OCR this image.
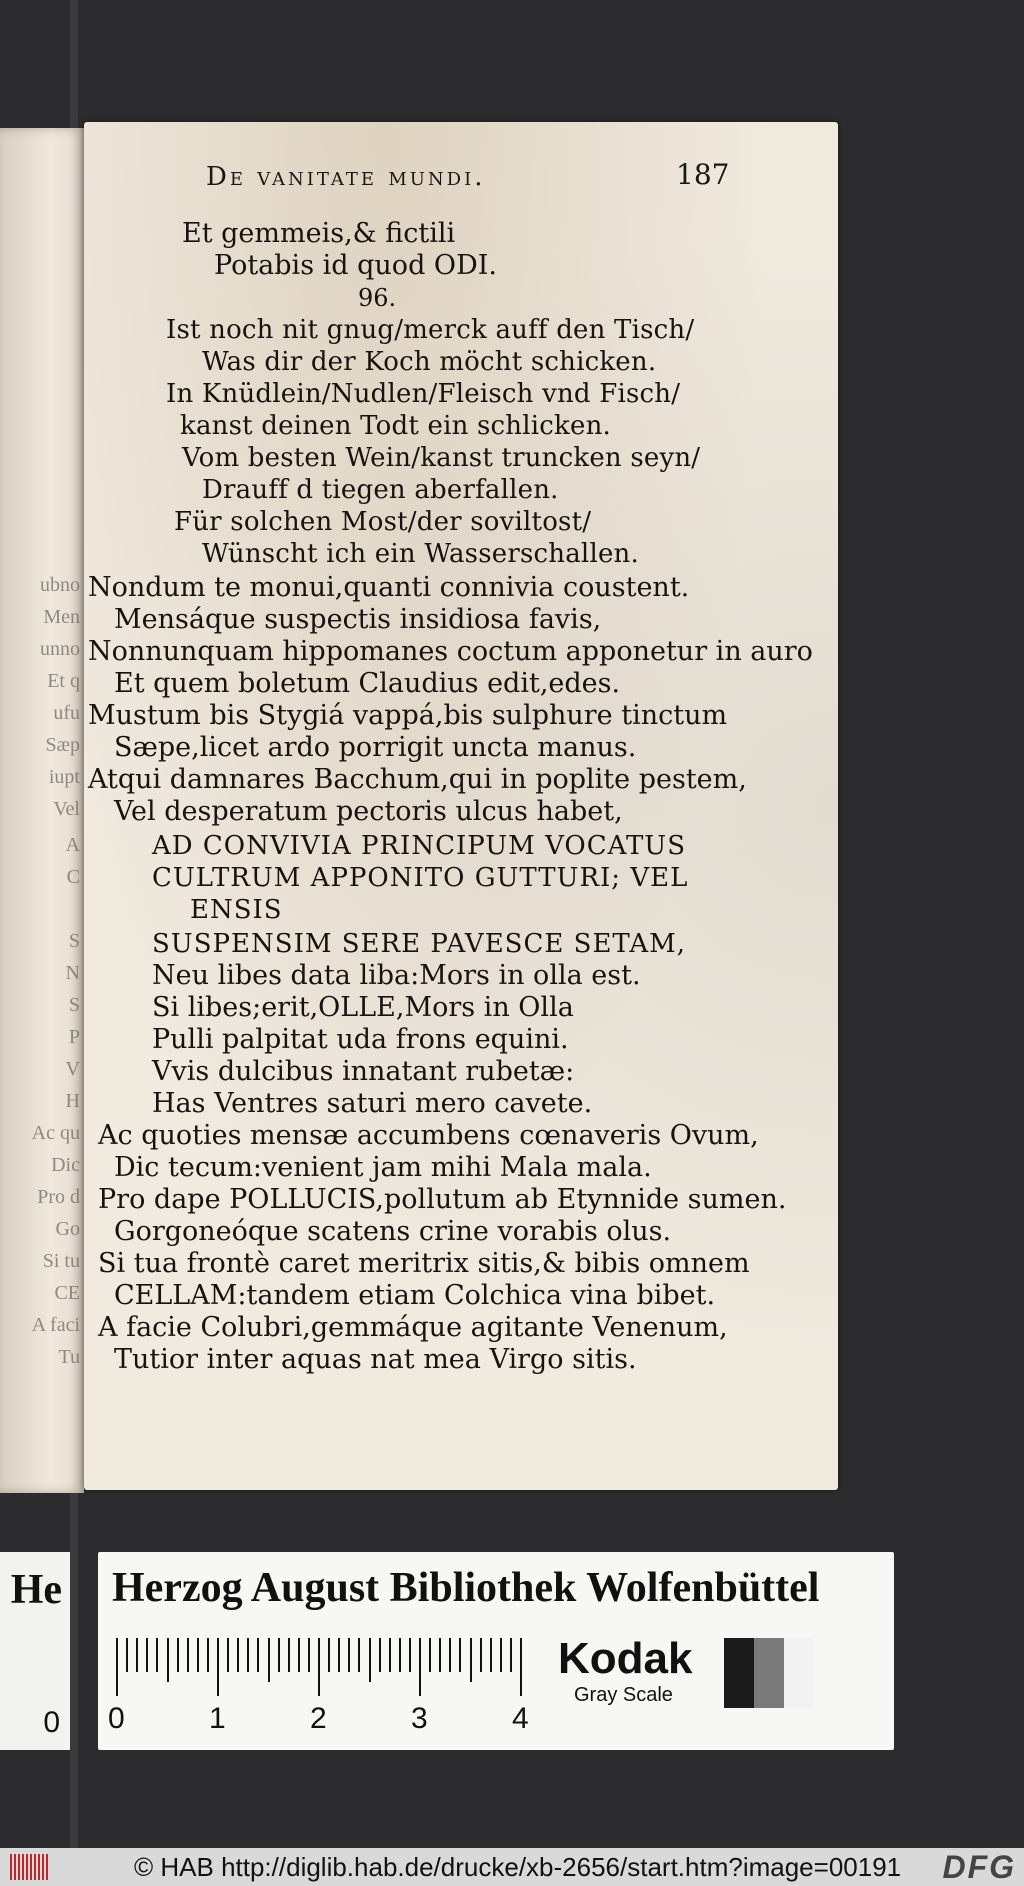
ubno
Men
unno
Et q
ufu
Sæp
iupt
Vel
A
C
S
N
S
P
V
H
Ac qu
Dic
Pro d
Go
Si tu
CE
A faci
Tu
De vanitate mundi.	187
Et gemmeis,& fictili
Potabis id quod ODI.
96.
Ist noch nit gnug/merck auff den Tisch/
Was dir der Koch möcht schicken.
In Knüdlein/Nudlen/Fleisch vnd Fisch/
kanst deinen Todt ein schlicken.
Vom besten Wein/kanst truncken seyn/
Drauff d tiegen aberfallen.
Für solchen Most/der soviltost/
Wünscht ich ein Wasserschallen.
Nondum te monui,quanti connivia coustent.
Mensáque suspectis insidiosa favis,
Nonnunquam hippomanes coctum apponetur in auro
Et quem boletum Claudius edit,edes.
Mustum bis Stygiá vappá,bis sulphure tinctum
Sæpe,licet ardo porrigit uncta manus.
Atqui damnares Bacchum,qui in poplite pestem,
Vel desperatum pectoris ulcus habet,
AD CONVIVIA PRINCIPUM VOCATUS
CULTRUM APPONITO GUTTURI; VEL
ENSIS
SUSPENSIM SERE PAVESCE SETAM,
Neu libes data liba:Mors in olla est.
Si libes;erit,OLLE,Mors in Olla
Pulli palpitat uda frons equini.
Vvis dulcibus innatant rubetæ:
Has Ventres saturi mero cavete.
Ac quoties mensæ accumbens cœnaveris Ovum,
Dic tecum:venient jam mihi Mala mala.
Pro dape POLLUCIS,pollutum ab Etynnide sumen.
Gorgoneóque scatens crine vorabis olus.
Si tua frontè caret meritrix sitis,& bibis omnem
CELLAM:tandem etiam Colchica vina bibet.
A facie Colubri,gemmáque agitante Venenum,
Tutior inter aquas nat mea Virgo sitis.
He
0
Herzog August Bibliothek Wolfenbüttel
0	1	2	3	4
Kodak
Gray Scale
© HAB http://diglib.hab.de/drucke/xb-2656/start.htm?image=00191 DFG
